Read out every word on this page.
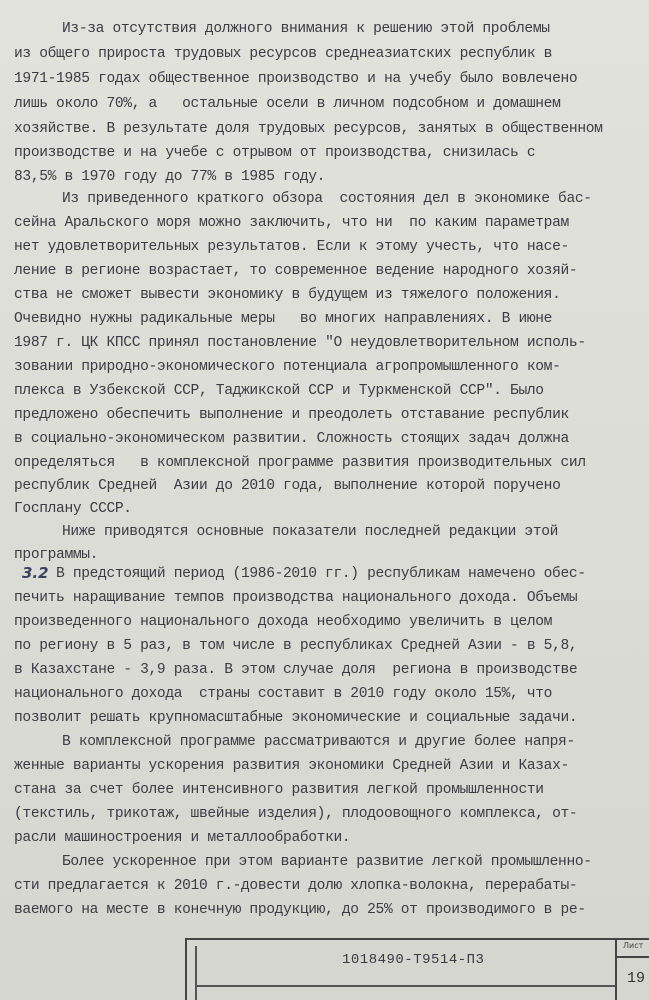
Из-за отсутствия должного внимания к решению этой проблемы
из общего прироста трудовых ресурсов среднеазиатских республик в
1971-1985 годах общественное производство и на учебу было вовлечено
лишь около 70%, а   остальные осели в личном подсобном и домашнем
хозяйстве. В результате доля трудовых ресурсов, занятых в общественном
производстве и на учебе с отрывом от производства, снизилась с
83,5% в 1970 году до 77% в 1985 году.
Из приведенного краткого обзора  состояния дел в экономике бас-
сейна Аральского моря можно заключить, что ни  по каким параметрам
нет удовлетворительных результатов. Если к этому учесть, что насе-
ление в регионе возрастает, то современное ведение народного хозяй-
ства не сможет вывести экономику в будущем из тяжелого положения.
Очевидно нужны радикальные меры   во многих направлениях. В июне
1987 г. ЦК КПСС принял постановление "О неудовлетворительном исполь-
зовании природно-экономического потенциала агропромышленного ком-
плекса в Узбекской ССР, Таджикской ССР и Туркменской ССР". Было
предложено обеспечить выполнение и преодолеть отставание республик
в социально-экономическом развитии. Сложность стоящих задач должна
определяться   в комплексной программе развития производительных сил
республик Средней  Азии до 2010 года, выполнение которой поручено
Госплану СССР.
Ниже приводятся основные показатели последней редакции этой
программы.
3.2 В предстоящий период (1986-2010 гг.) республикам намечено обес-
печить наращивание темпов производства национального дохода. Объемы
произведенного национального дохода необходимо увеличить в целом
по региону в 5 раз, в том числе в республиках Средней Азии - в 5,8,
в Казахстане - 3,9 раза. В этом случае доля  региона в производстве
национального дохода  страны составит в 2010 году около 15%, что
позволит решать крупномасштабные экономические и социальные задачи.
В комплексной программе рассматриваются и другие более напря-
женные варианты ускорения развития экономики Средней Азии и Казах-
стана за счет более интенсивного развития легкой промышленности
(текстиль, трикотаж, швейные изделия), плодоовощного комплекса, от-
расли машиностроения и металлообработки.
Более ускоренное при этом варианте развитие легкой промышленно-
сти предлагается к 2010 г.-довести долю хлопка-волокна, перерабаты-
ваемого на месте в конечную продукцию, до 25% от производимого в ре-
1018490-Т9514-П3
Лист
19
